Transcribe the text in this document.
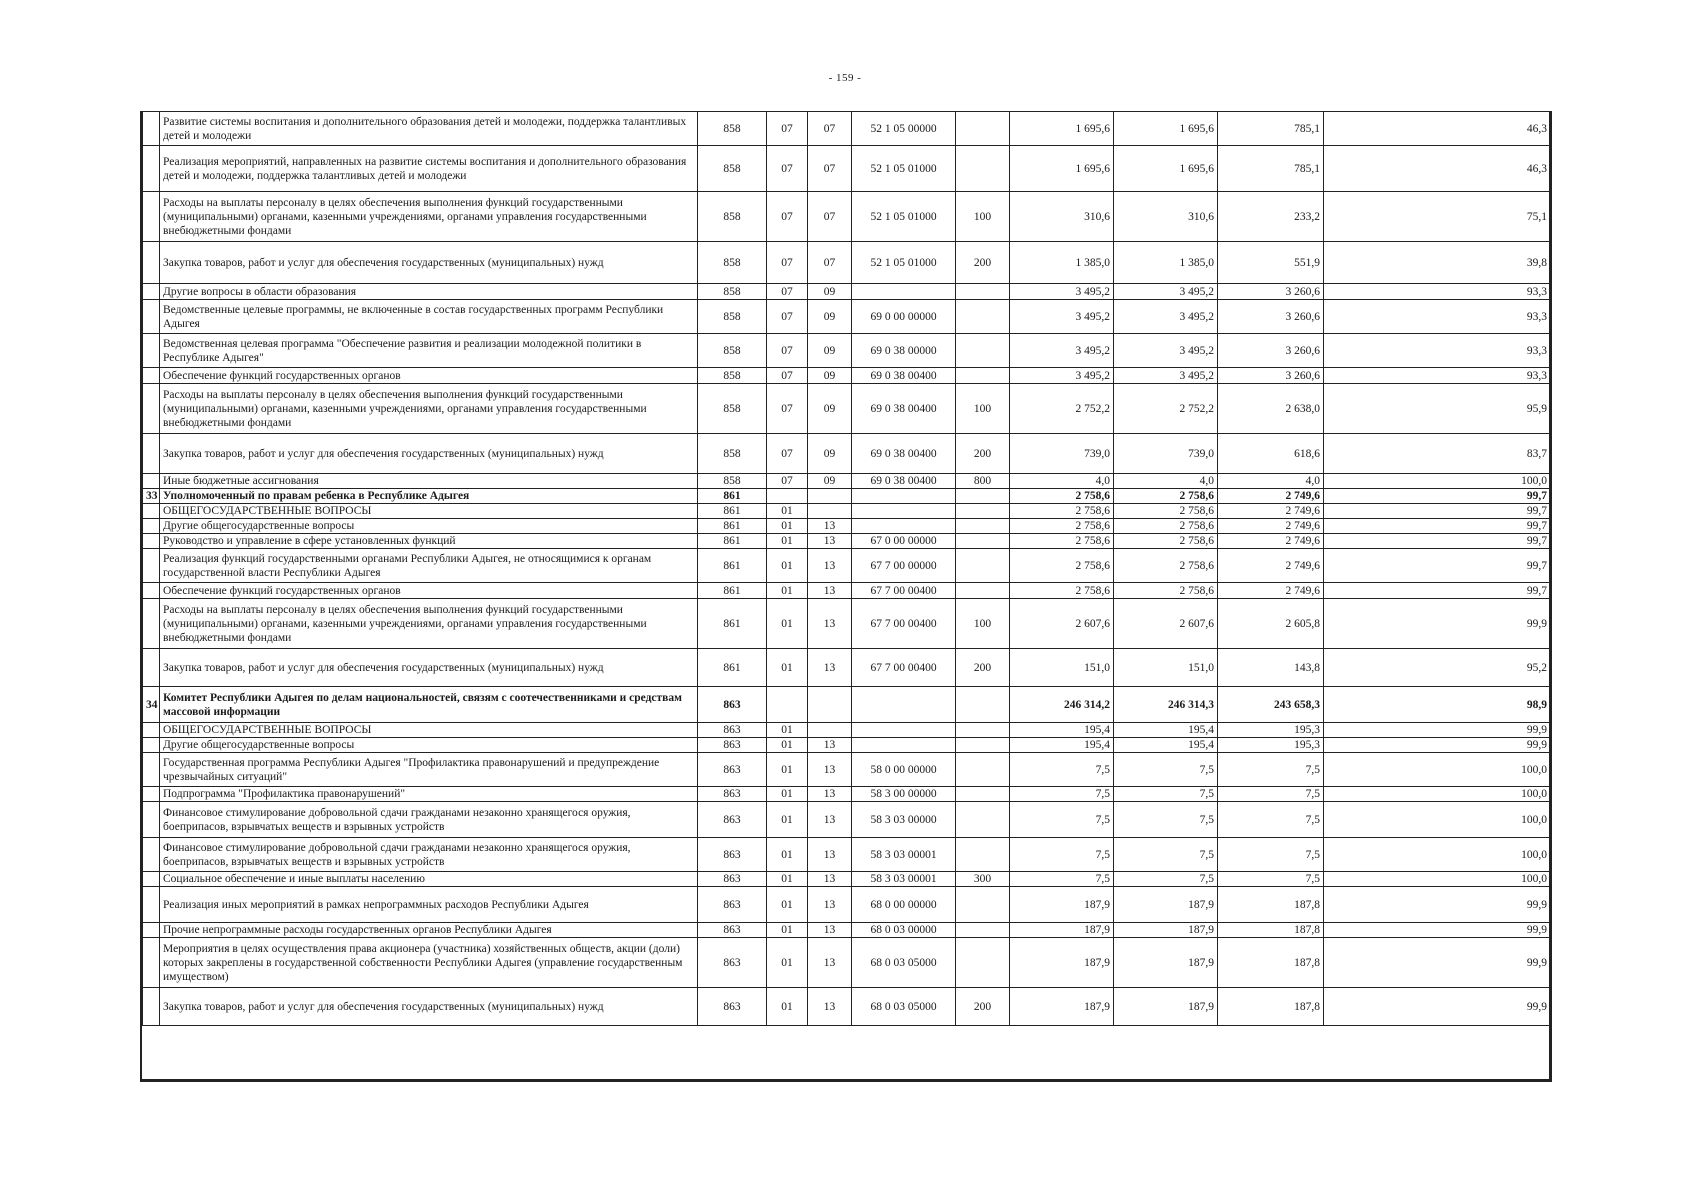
- 159 -
	Развитие системы воспитания и дополнительного образования детей и молодежи, поддержка талантливых детей и молодежи	858	07	07	52 1 05 00000		1 695,6	1 695,6	785,1	46,3
	Реализация мероприятий, направленных на развитие системы воспитания и дополнительного образования детей и молодежи, поддержка талантливых детей и молодежи	858	07	07	52 1 05 01000		1 695,6	1 695,6	785,1	46,3
	Расходы на выплаты персоналу в целях обеспечения выполнения функций государственными (муниципальными) органами, казенными учреждениями, органами управления государственными внебюджетными фондами	858	07	07	52 1 05 01000	100	310,6	310,6	233,2	75,1
	Закупка товаров, работ и услуг для обеспечения государственных (муниципальных) нужд	858	07	07	52 1 05 01000	200	1 385,0	1 385,0	551,9	39,8
	Другие вопросы в области образования	858	07	09			3 495,2	3 495,2	3 260,6	93,3
	Ведомственные целевые программы, не включенные в состав государственных программ Республики Адыгея	858	07	09	69 0 00 00000		3 495,2	3 495,2	3 260,6	93,3
	Ведомственная целевая программа "Обеспечение развития и реализации молодежной политики в Республике Адыгея"	858	07	09	69 0 38 00000		3 495,2	3 495,2	3 260,6	93,3
	Обеспечение функций государственных органов	858	07	09	69 0 38 00400		3 495,2	3 495,2	3 260,6	93,3
	Расходы на выплаты персоналу в целях обеспечения выполнения функций государственными (муниципальными) органами, казенными учреждениями, органами управления государственными внебюджетными фондами	858	07	09	69 0 38 00400	100	2 752,2	2 752,2	2 638,0	95,9
	Закупка товаров, работ и услуг для обеспечения государственных (муниципальных) нужд	858	07	09	69 0 38 00400	200	739,0	739,0	618,6	83,7
	Иные бюджетные ассигнования	858	07	09	69 0 38 00400	800	4,0	4,0	4,0	100,0
33	Уполномоченный по правам ребенка в Республике Адыгея	861					2 758,6	2 758,6	2 749,6	99,7
	ОБЩЕГОСУДАРСТВЕННЫЕ ВОПРОСЫ	861	01				2 758,6	2 758,6	2 749,6	99,7
	Другие общегосударственные вопросы	861	01	13			2 758,6	2 758,6	2 749,6	99,7
	Руководство и управление в сфере установленных функций	861	01	13	67 0 00 00000		2 758,6	2 758,6	2 749,6	99,7
	Реализация функций государственными органами Республики Адыгея, не относящимися к органам государственной власти Республики Адыгея	861	01	13	67 7 00 00000		2 758,6	2 758,6	2 749,6	99,7
	Обеспечение функций государственных органов	861	01	13	67 7 00 00400		2 758,6	2 758,6	2 749,6	99,7
	Расходы на выплаты персоналу в целях обеспечения выполнения функций государственными (муниципальными) органами, казенными учреждениями, органами управления государственными внебюджетными фондами	861	01	13	67 7 00 00400	100	2 607,6	2 607,6	2 605,8	99,9
	Закупка товаров, работ и услуг для обеспечения государственных (муниципальных) нужд	861	01	13	67 7 00 00400	200	151,0	151,0	143,8	95,2
34	Комитет Республики Адыгея по делам национальностей, связям с соотечественниками и средствам массовой информации	863					246 314,2	246 314,3	243 658,3	98,9
	ОБЩЕГОСУДАРСТВЕННЫЕ ВОПРОСЫ	863	01				195,4	195,4	195,3	99,9
	Другие общегосударственные вопросы	863	01	13			195,4	195,4	195,3	99,9
	Государственная программа Республики Адыгея "Профилактика правонарушений и предупреждение чрезвычайных ситуаций"	863	01	13	58 0 00 00000		7,5	7,5	7,5	100,0
	Подпрограмма "Профилактика правонарушений"	863	01	13	58 3 00 00000		7,5	7,5	7,5	100,0
	Финансовое стимулирование добровольной сдачи гражданами незаконно хранящегося оружия, боеприпасов, взрывчатых веществ и взрывных устройств	863	01	13	58 3 03 00000		7,5	7,5	7,5	100,0
	Финансовое стимулирование добровольной сдачи гражданами незаконно хранящегося оружия, боеприпасов, взрывчатых веществ и взрывных устройств	863	01	13	58 3 03 00001		7,5	7,5	7,5	100,0
	Социальное обеспечение и иные выплаты населению	863	01	13	58 3 03 00001	300	7,5	7,5	7,5	100,0
	Реализация иных мероприятий в рамках непрограммных расходов Республики Адыгея	863	01	13	68 0 00 00000		187,9	187,9	187,8	99,9
	Прочие непрограммные расходы государственных органов Республики Адыгея	863	01	13	68 0 03 00000		187,9	187,9	187,8	99,9
	Мероприятия в целях осуществления права акционера (участника) хозяйственных обществ, акции (доли) которых закреплены в государственной собственности Республики Адыгея (управление государственным имуществом)	863	01	13	68 0 03 05000		187,9	187,9	187,8	99,9
	Закупка товаров, работ и услуг для обеспечения государственных (муниципальных) нужд	863	01	13	68 0 03 05000	200	187,9	187,9	187,8	99,9
